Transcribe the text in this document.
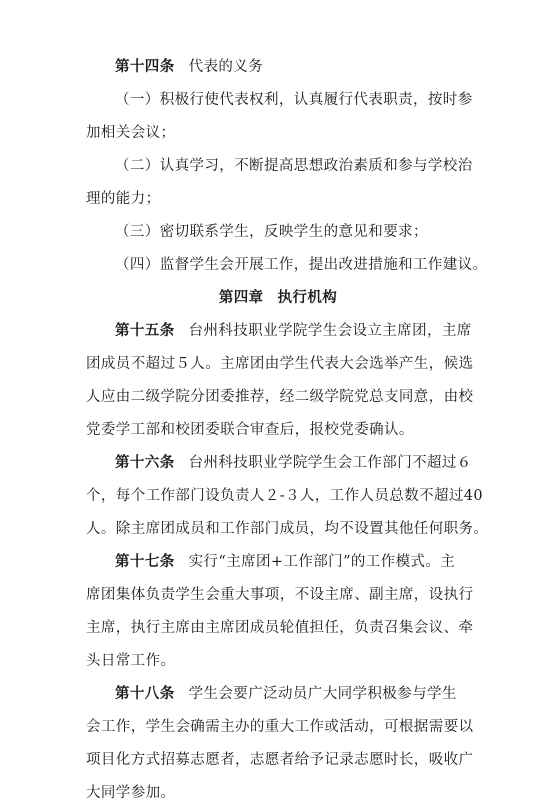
第十四条 代表的义务
（一）积极行使代表权利，认真履行代表职责，按时参
加相关会议；
（二）认真学习，不断提高思想政治素质和参与学校治
理的能力；
（三）密切联系学生，反映学生的意见和要求；
（四）监督学生会开展工作，提出改进措施和工作建议。
第四章 执行机构
第十五条 台州科技职业学院学生会设立主席团，主席
团成员不超过５人。主席团由学生代表大会选举产生，候选
人应由二级学院分团委推荐，经二级学院党总支同意，由校
党委学工部和校团委联合审查后，报校党委确认。
第十六条 台州科技职业学院学生会工作部门不超过６
个，每个工作部门设负责人２-３人，工作人员总数不超过40
人。除主席团成员和工作部门成员，均不设置其他任何职务。
第十七条 实行“主席团+工作部门”的工作模式。主
席团集体负责学生会重大事项，不设主席、副主席，设执行
主席，执行主席由主席团成员轮值担任，负责召集会议、牵
头日常工作。
第十八条 学生会要广泛动员广大同学积极参与学生
会工作，学生会确需主办的重大工作或活动，可根据需要以
项目化方式招募志愿者，志愿者给予记录志愿时长，吸收广
大同学参加。
